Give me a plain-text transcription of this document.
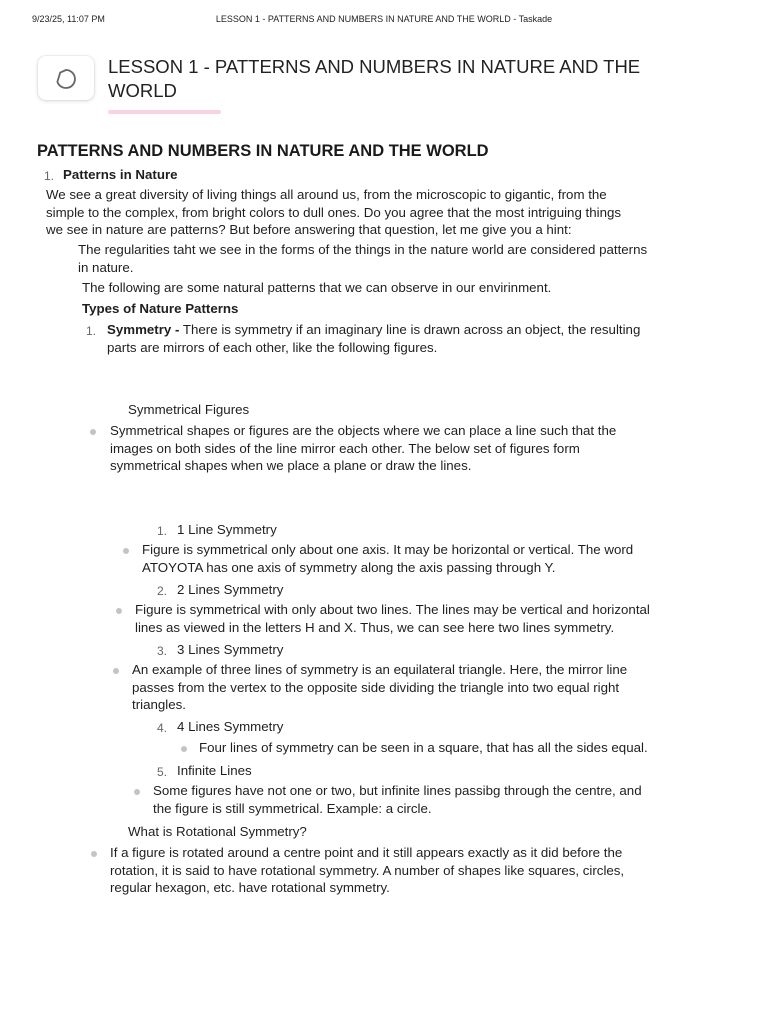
9/23/25, 11:07 PM	LESSON 1 - PATTERNS AND NUMBERS IN NATURE AND THE WORLD - Taskade
LESSON 1 - PATTERNS AND NUMBERS IN NATURE AND THE
WORLD
PATTERNS AND NUMBERS IN NATURE AND THE WORLD
1. Patterns in Nature
We see a great diversity of living things all around us, from the microscopic to gigantic, from the
simple to the complex, from bright colors to dull ones. Do you agree that the most intriguing things
we see in nature are patterns? But before answering that question, let me give you a hint:
The regularities taht we see in the forms of the things in the nature world are considered patterns
in nature.
The following are some natural patterns that we can observe in our envirinment.
Types of Nature Patterns
1. Symmetry - There is symmetry if an imaginary line is drawn across an object, the resulting
parts are mirrors of each other, like the following figures.
Symmetrical Figures
Symmetrical shapes or figures are the objects where we can place a line such that the
images on both sides of the line mirror each other. The below set of figures form
symmetrical shapes when we place a plane or draw the lines.
1. 1 Line Symmetry
Figure is symmetrical only about one axis. It may be horizontal or vertical. The word
ATOYOTA has one axis of symmetry along the axis passing through Y.
2. 2 Lines Symmetry
Figure is symmetrical with only about two lines. The lines may be vertical and horizontal
lines as viewed in the letters H and X. Thus, we can see here two lines symmetry.
3. 3 Lines Symmetry
An example of three lines of symmetry is an equilateral triangle. Here, the mirror line
passes from the vertex to the opposite side dividing the triangle into two equal right
triangles.
4. 4 Lines Symmetry
Four lines of symmetry can be seen in a square, that has all the sides equal.
5. Infinite Lines
Some figures have not one or two, but infinite lines passibg through the centre, and
the figure is still symmetrical. Example: a circle.
What is Rotational Symmetry?
If a figure is rotated around a centre point and it still appears exactly as it did before the
rotation, it is said to have rotational symmetry. A number of shapes like squares, circles,
regular hexagon, etc. have rotational symmetry.
